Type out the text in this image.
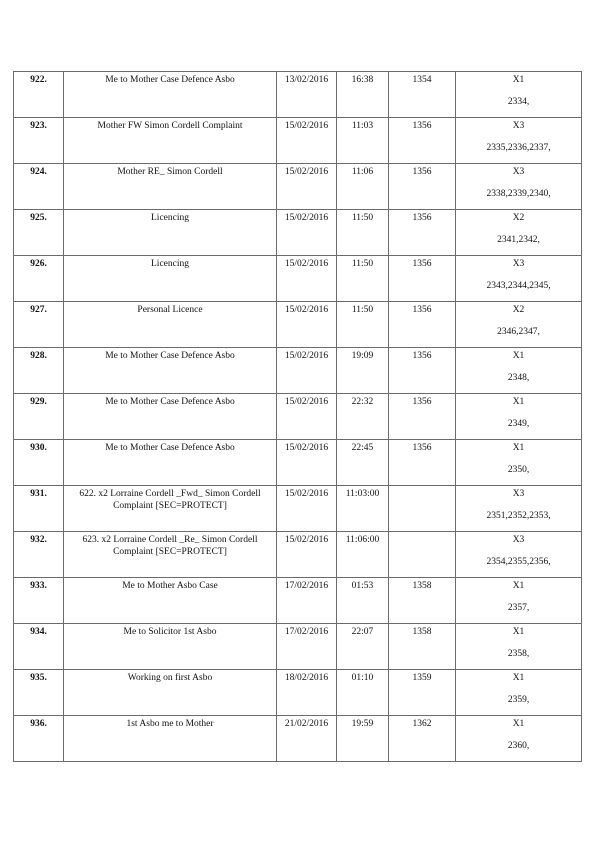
922.	Me to Mother Case Defence Asbo	13/02/2016	16:38	1354	X1
2334,

923.	Mother FW Simon Cordell Complaint	15/02/2016	11:03	1356	X3
2335,2336,2337,

924.	Mother RE_ Simon Cordell	15/02/2016	11:06	1356	X3
2338,2339,2340,

925.	Licencing	15/02/2016	11:50	1356	X2
2341,2342,

926.	Licencing	15/02/2016	11:50	1356	X3
2343,2344,2345,

927.	Personal Licence	15/02/2016	11:50	1356	X2
2346,2347,

928.	Me to Mother Case Defence Asbo	15/02/2016	19:09	1356	X1
2348,

929.	Me to Mother Case Defence Asbo	15/02/2016	22:32	1356	X1
2349,

930.	Me to Mother Case Defence Asbo	15/02/2016	22:45	1356	X1
2350,

931.	622. x2 Lorraine Cordell _Fwd_ Simon Cordell Complaint [SEC=PROTECT]	15/02/2016	11:03:00		X3
2351,2352,2353,

932.	623. x2 Lorraine Cordell _Re_ Simon Cordell Complaint [SEC=PROTECT]	15/02/2016	11:06:00		X3
2354,2355,2356,

933.	Me to Mother Asbo Case	17/02/2016	01:53	1358	X1
2357,

934.	Me to Solicitor 1st Asbo	17/02/2016	22:07	1358	X1
2358,

935.	Working on first Asbo	18/02/2016	01:10	1359	X1
2359,

936.	1st Asbo me to Mother	21/02/2016	19:59	1362	X1
2360,
